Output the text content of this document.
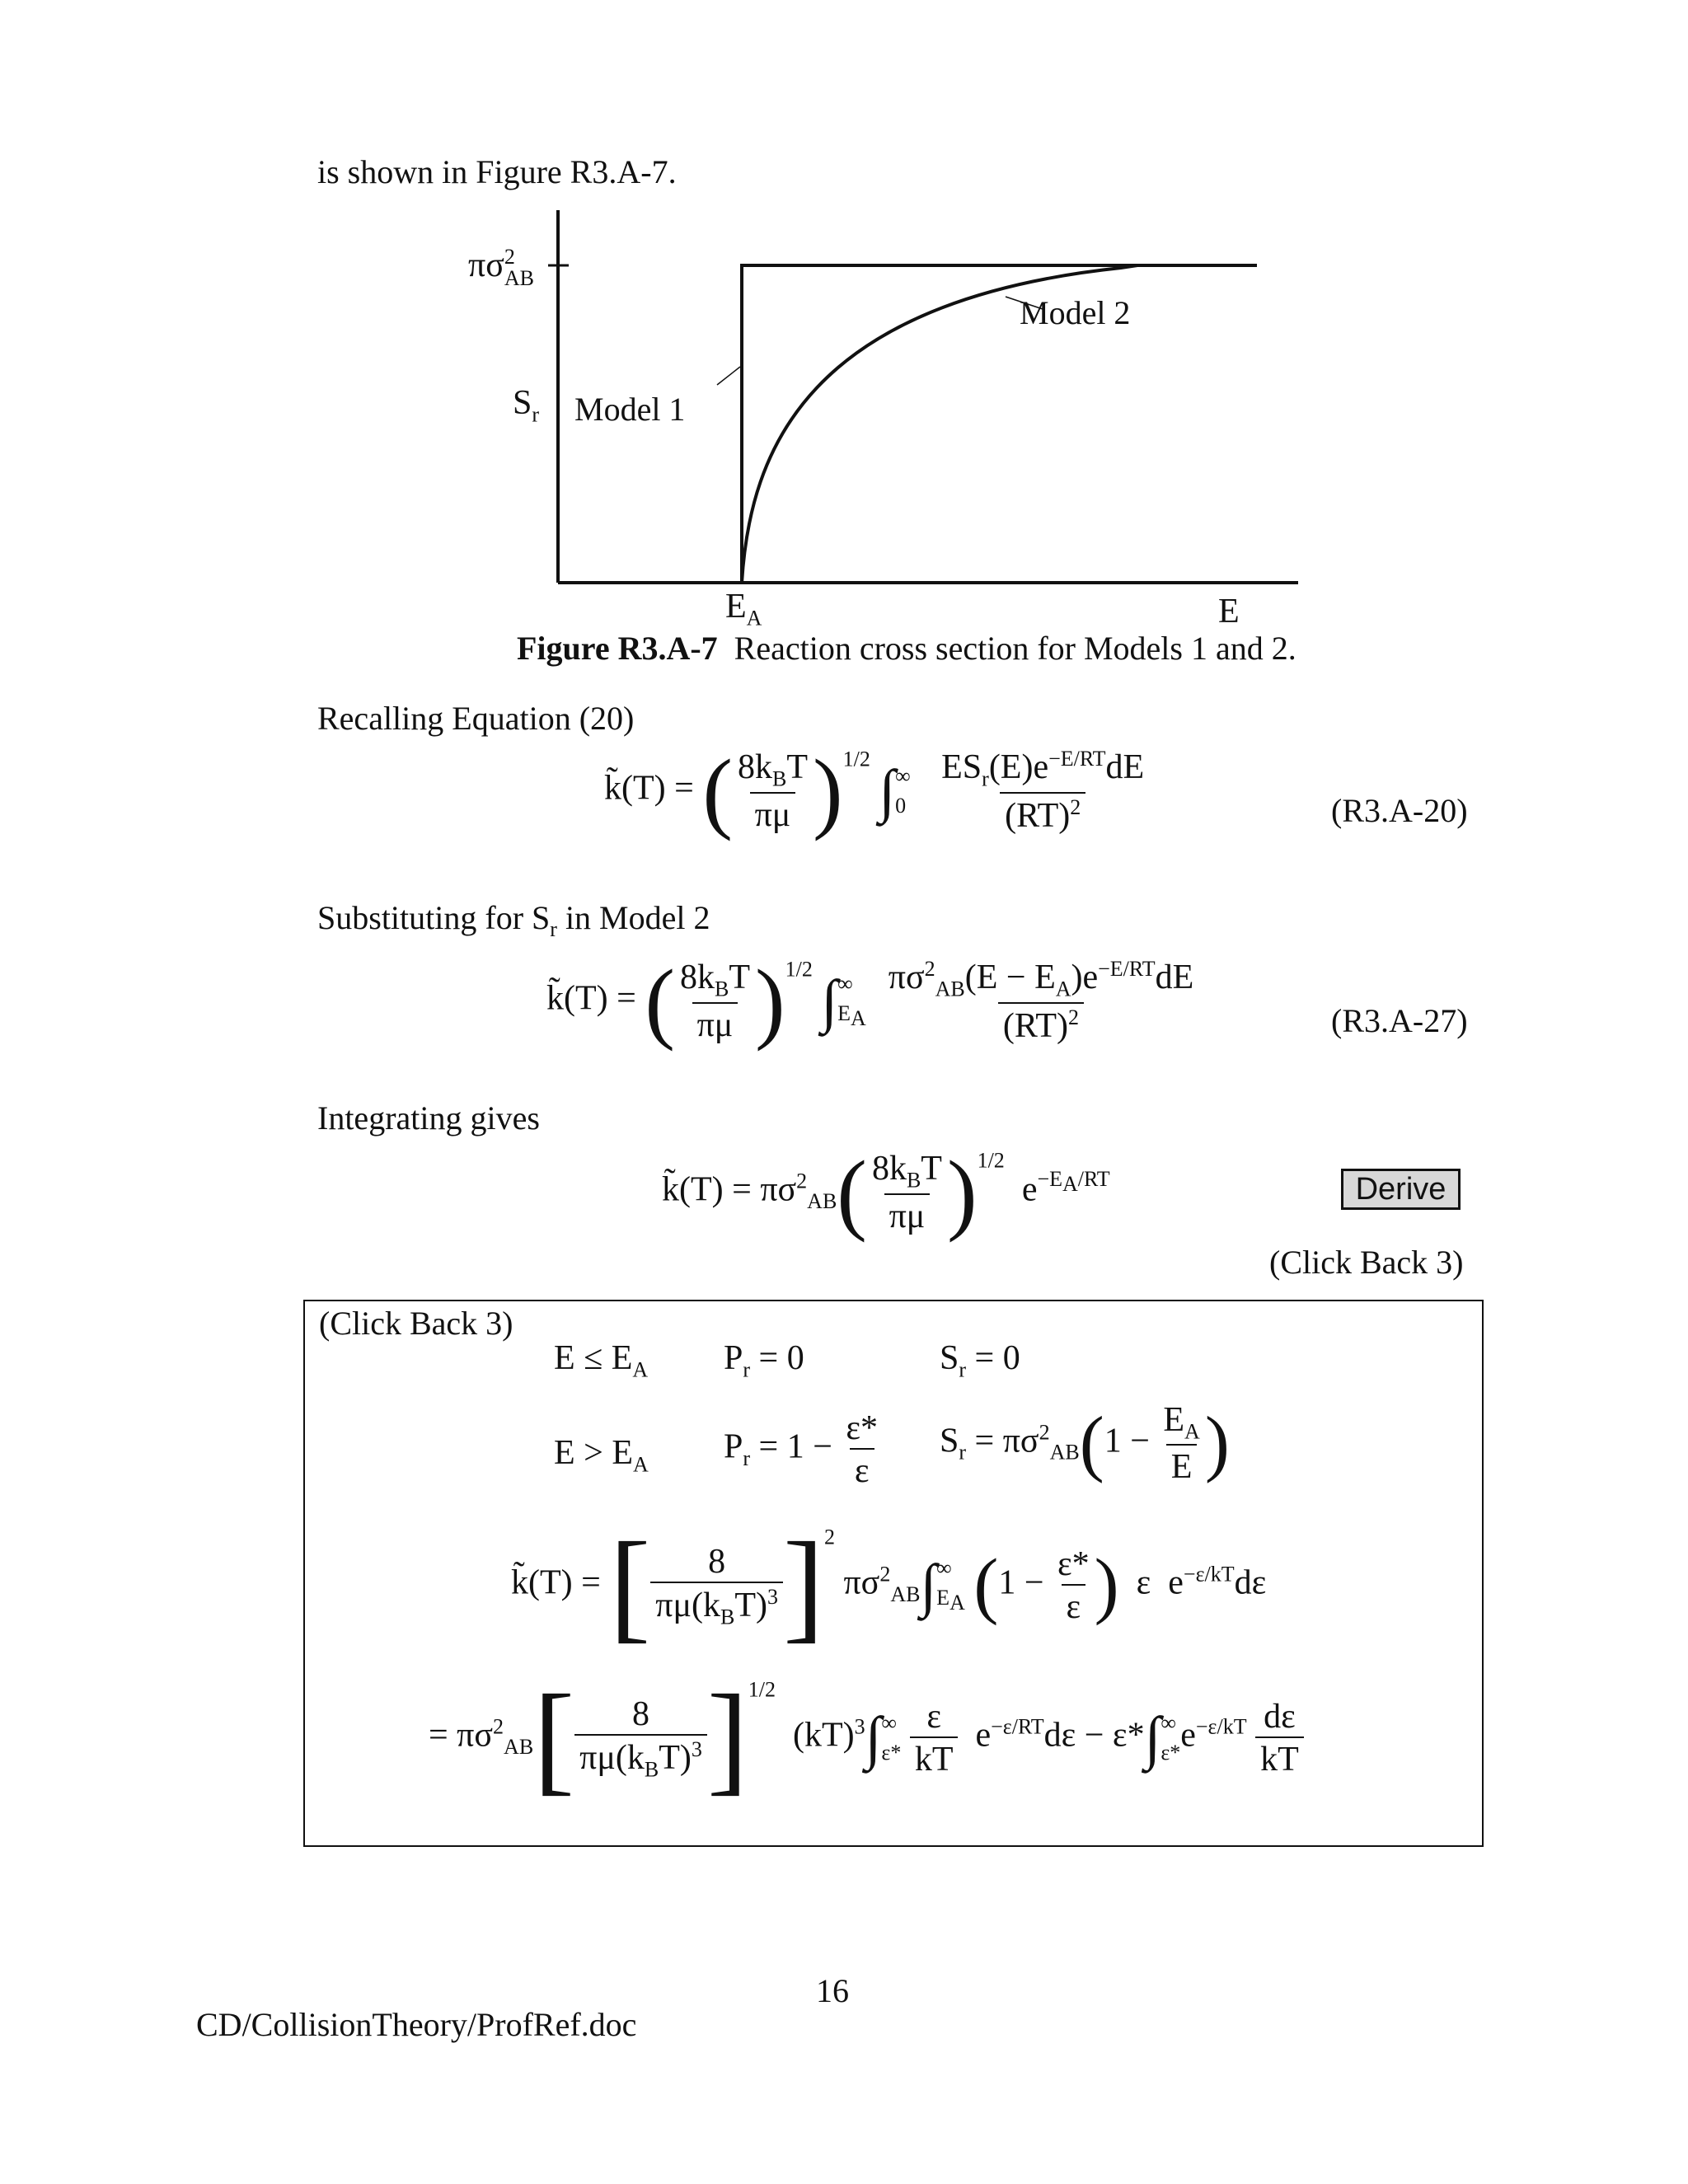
is shown in Figure R3.A-7.
πσ 2
AB
$S_r$ Model 1
Model 2
$E_A$	E
Figure R3.A-7 Reaction cross section for Models 1 and 2.
Recalling Equation (20)
k̃(T) = ( $\frac{8k_BT}{\pi\mu} )^{1/2}$ ∫ ∞
0
$\frac{ES_r(E)e^{-E/RT}dE}{(RT)^2}$	(R3.A-20)
Substituting for $S_r$ in Model 2
k̃(T) = ( $\frac{8k_BT}{\pi\mu} )^{1/2}$ ∫ ∞
$E_A$
$\frac{\pi\sigma^2_{AB}(E - E_A)e^{-E/RT}dE}{(RT)^2}$	(R3.A-27)
Integrating gives
k̃(T) = $\pi\sigma^2_{AB}( \frac{8k_BT}{\pi\mu} )^{1/2}$  $e^{-E_A/RT}$	Derive
(Click Back 3)
(Click Back 3)
$E \le E_A$ $P_r = 0$	$S_r = 0$
$E > E_A$ $P_r = 1 - \frac{\varepsilon*}{\varepsilon} S_r = \pi\sigma^2_{AB}(1 - \frac{E_A}{E}$ )
k̃(T) = [ $\frac{8}{\pi\mu(k_BT)^3} ]^2$ $\pi\sigma^2_{AB}\int$ ∞
$E_A$ ($1 - \frac{\varepsilon*}{\varepsilon}$ )  ε  $e^{-\varepsilon/kT}d\varepsilon$
= $\pi\sigma^2_{AB}[ \frac{8}{\pi\mu(k_BT)^3} ]^{1/2}$  (kT)$^3$∫ ∞
ε*
$\frac{\varepsilon}{kT} e^{-\varepsilon/RT}d\varepsilon - \varepsilon*\int$ ∞
ε* $e^{-\varepsilon/kT} \frac{d\varepsilon}{kT}$
16
CD/CollisionTheory/ProfRef.doc
